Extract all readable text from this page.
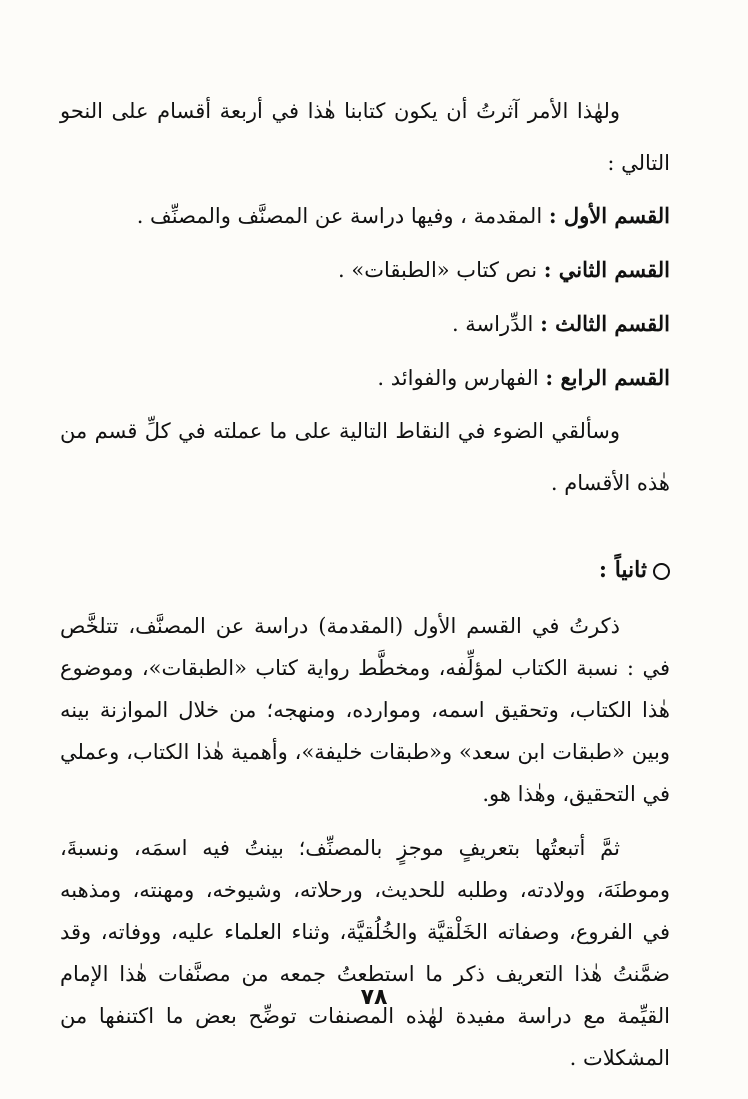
ولهٰذا الأمر آثرتُ أن يكون كتابنا هٰذا في أربعة أقسام على النحو التالي :

القسم الأول : المقدمة ، وفيها دراسة عن المصنَّف والمصنِّف .

القسم الثاني : نص كتاب «الطبقات» .

القسم الثالث : الدِّراسة .

القسم الرابع : الفهارس والفوائد .

وسألقي الضوء في النقاط التالية على ما عملته في كلِّ قسم من هٰذه الأقسام .

ثانياً :

ذكرتُ في القسم الأول (المقدمة) دراسة عن المصنَّف، تتلخَّص في : نسبة الكتاب لمؤلِّفه، ومخطَّط رواية كتاب «الطبقات»، وموضوع هٰذا الكتاب، وتحقيق اسمه، وموارده، ومنهجه؛ من خلال الموازنة بينه وبين «طبقات ابن سعد» و«طبقات خليفة»، وأهمية هٰذا الكتاب، وعملي في التحقيق، وهٰذا هو.

ثمَّ أتبعتُها بتعريفٍ موجزٍ بالمصنِّف؛ بينتُ فيه اسمَه، ونسبةَ، وموطنَهَ، وولادته، وطلبه للحديث، ورحلاته، وشيوخه، ومهنته، ومذهبه في الفروع، وصفاته الخَلْقيَّة والخُلُقيَّة، وثناء العلماء عليه، ووفاته، وقد ضمَّنتُ هٰذا التعريف ذكر ما استطعتُ جمعه من مصنَّفات هٰذا الإمام القيِّمة مع دراسة مفيدة لهٰذه المصنفات توضِّح بعض ما اكتنفها من المشكلات .

٧٨
